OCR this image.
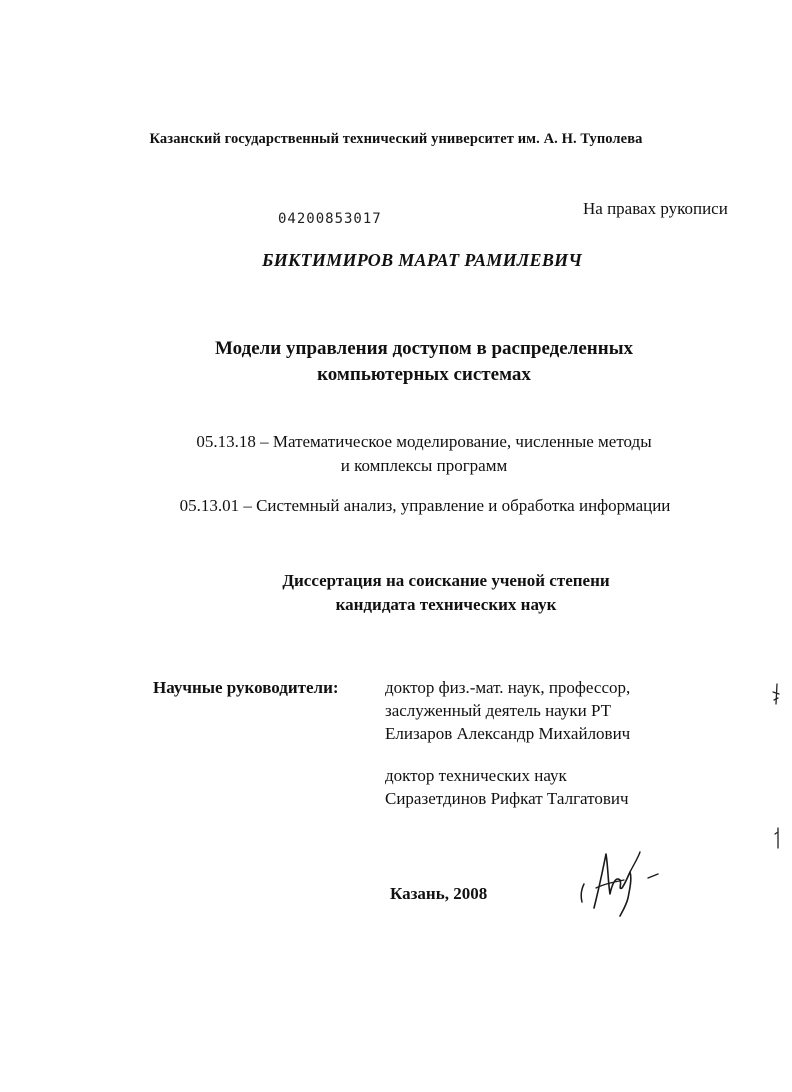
Казанский государственный технический университет им. А. Н. Туполева
На правах рукописи
04200853017
БИКТИМИРОВ МАРАТ РАМИЛЕВИЧ
Модели управления доступом в распределенных
компьютерных системах
05.13.18 – Математическое моделирование, численные методы
и комплексы программ
05.13.01 – Системный анализ, управление и обработка информации
Диссертация на соискание ученой степени
кандидата технических наук
Научные руководители:	доктор физ.-мат. наук, профессор,
заслуженный деятель науки РТ
Елизаров Александр Михайлович
доктор технических наук
Сиразетдинов Рифкат Талгатович
Казань, 2008
